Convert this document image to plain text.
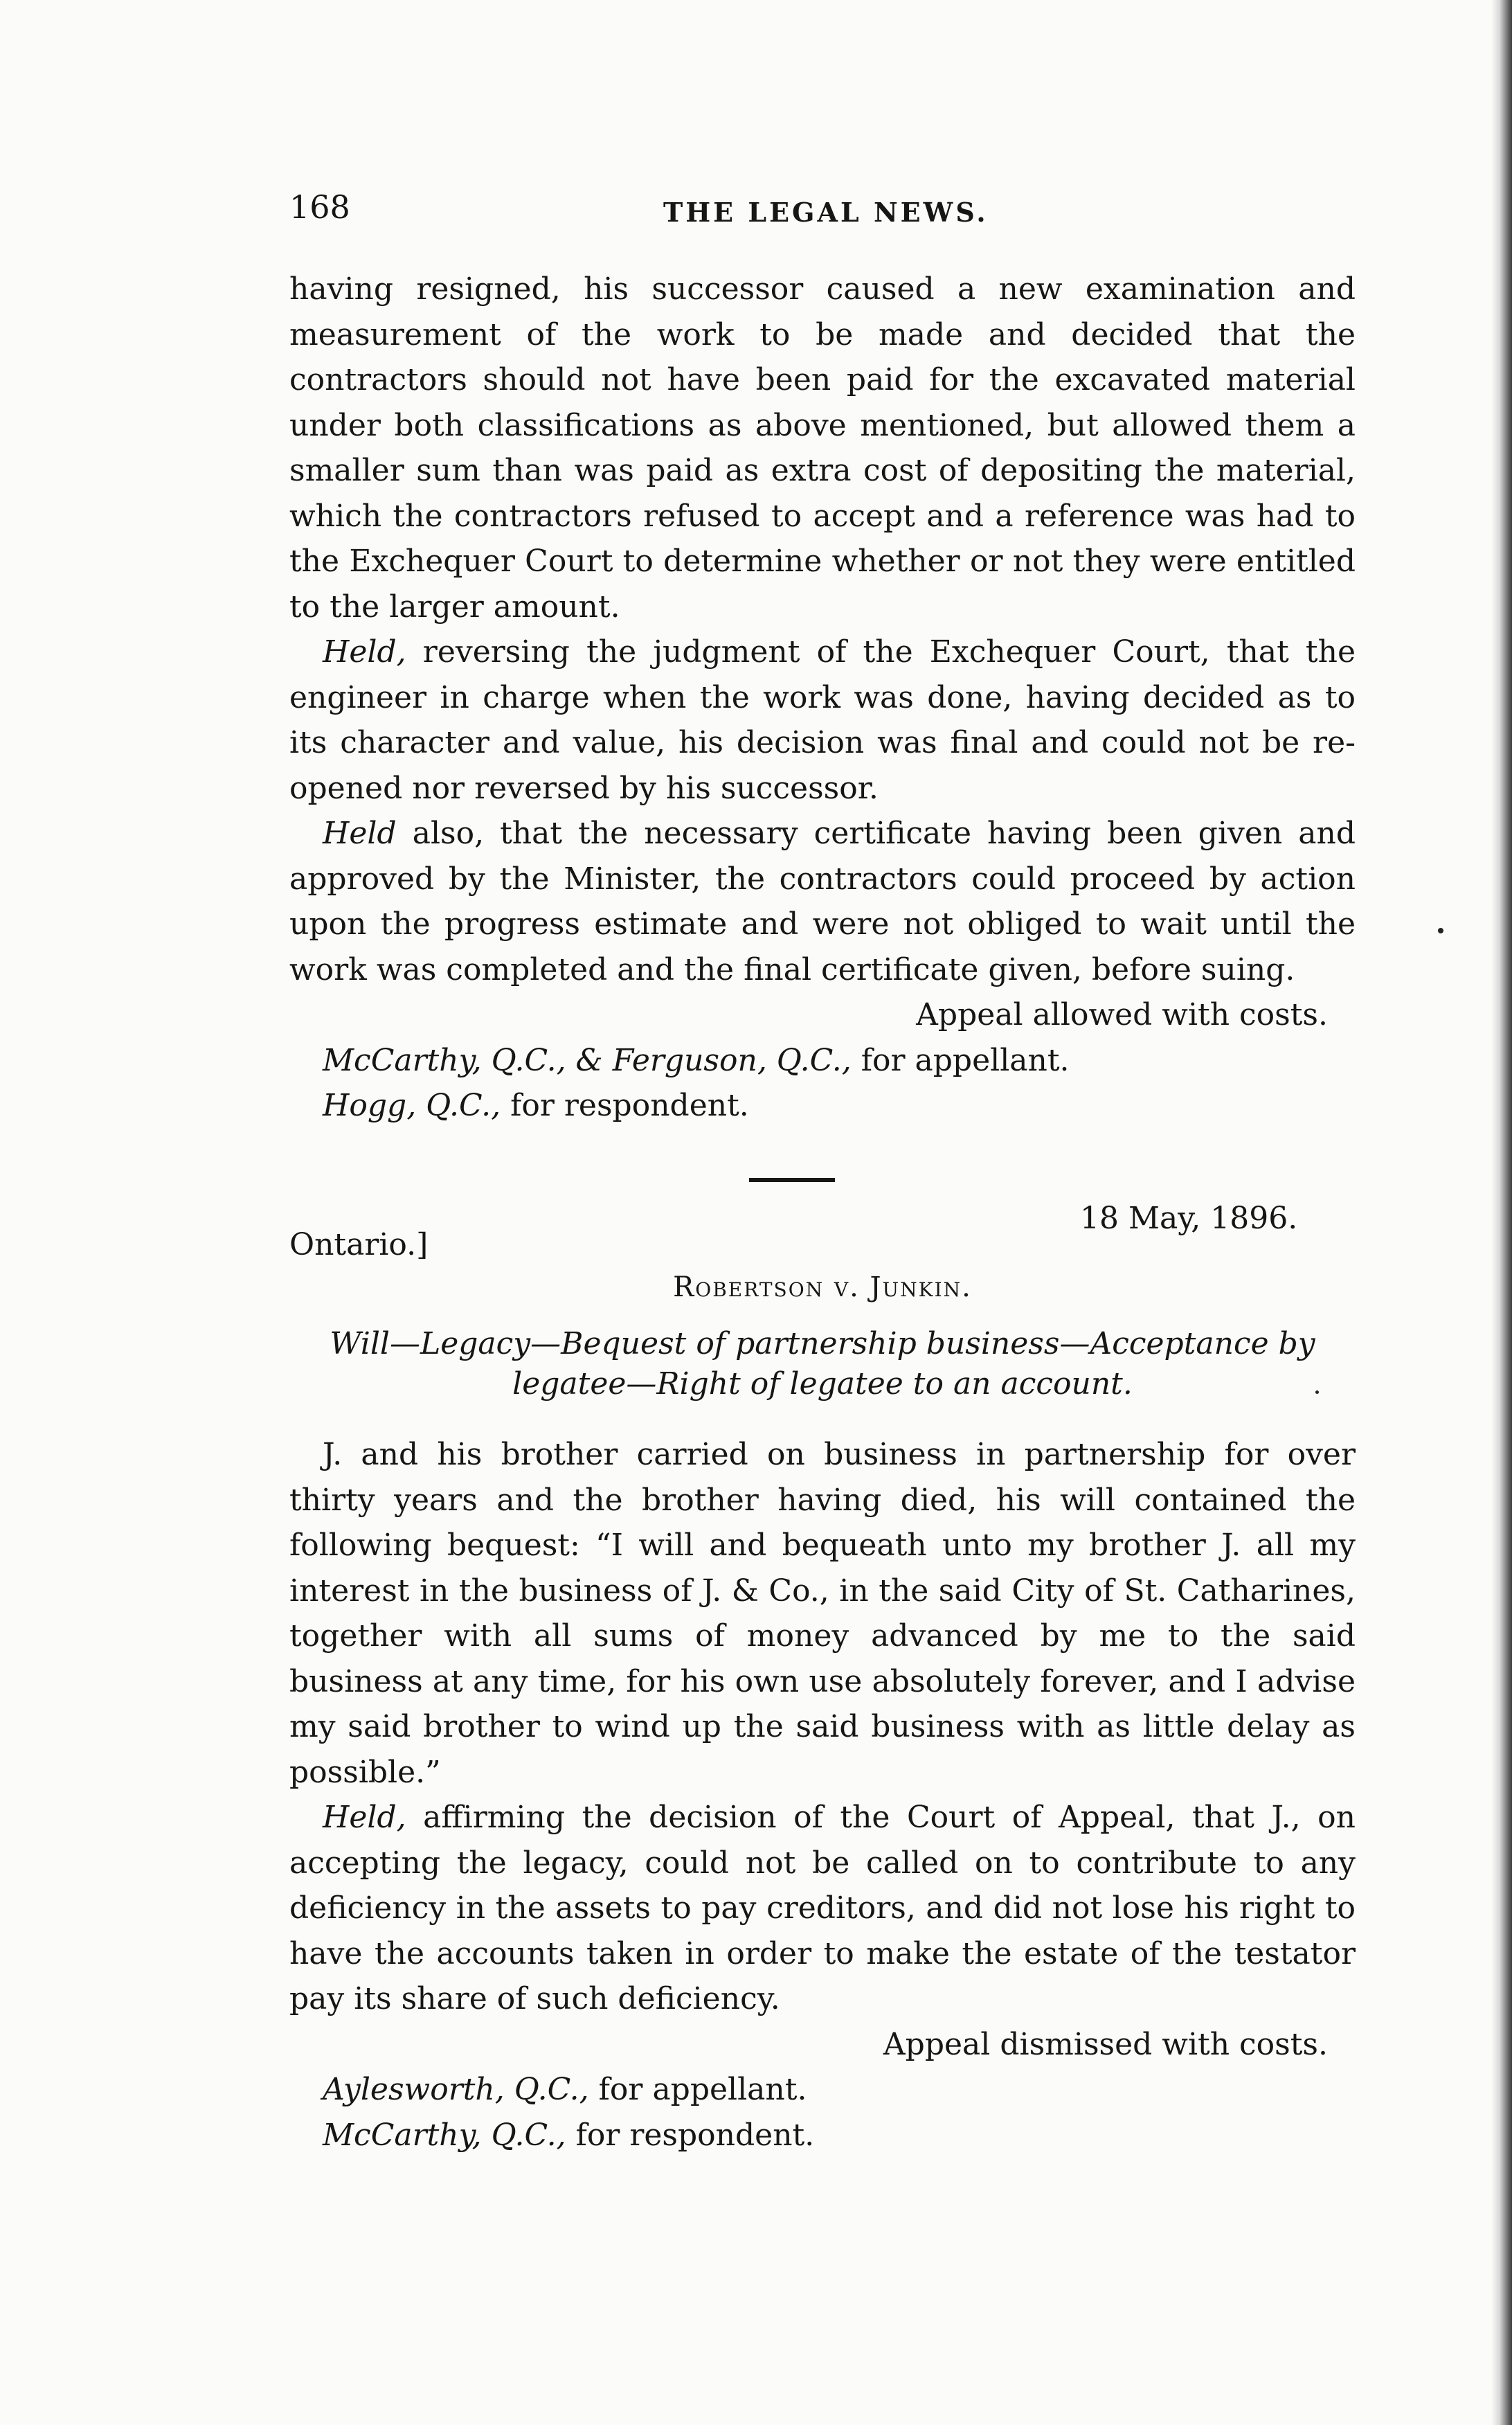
168	THE LEGAL NEWS.

having resigned, his successor caused a new examination and measurement of the work to be made and decided that the contractors should not have been paid for the excavated material under both classifications as above mentioned, but allowed them a smaller sum than was paid as extra cost of depositing the material, which the contractors refused to accept and a reference was had to the Exchequer Court to determine whether or not they were entitled to the larger amount.

Held, reversing the judgment of the Exchequer Court, that the engineer in charge when the work was done, having decided as to its character and value, his decision was final and could not be re-opened nor reversed by his successor.

Held also, that the necessary certificate having been given and approved by the Minister, the contractors could proceed by action upon the progress estimate and were not obliged to wait until the work was completed and the final certificate given, before suing.

Appeal allowed with costs.

McCarthy, Q.C., & Ferguson, Q.C., for appellant.

Hogg, Q.C., for respondent.

18 May, 1896.
Ontario.]
Robertson v. Junkin.
Will—Legacy—Bequest of partnership business—Acceptance by legatee—Right of legatee to an account.

J. and his brother carried on business in partnership for over thirty years and the brother having died, his will contained the following bequest: “I will and bequeath unto my brother J. all my interest in the business of J. & Co., in the said City of St. Catharines, together with all sums of money advanced by me to the said business at any time, for his own use absolutely forever, and I advise my said brother to wind up the said business with as little delay as possible.”

Held, affirming the decision of the Court of Appeal, that J., on accepting the legacy, could not be called on to contribute to any deficiency in the assets to pay creditors, and did not lose his right to have the accounts taken in order to make the estate of the testator pay its share of such deficiency.

Appeal dismissed with costs.

Aylesworth, Q.C., for appellant.

McCarthy, Q.C., for respondent.
